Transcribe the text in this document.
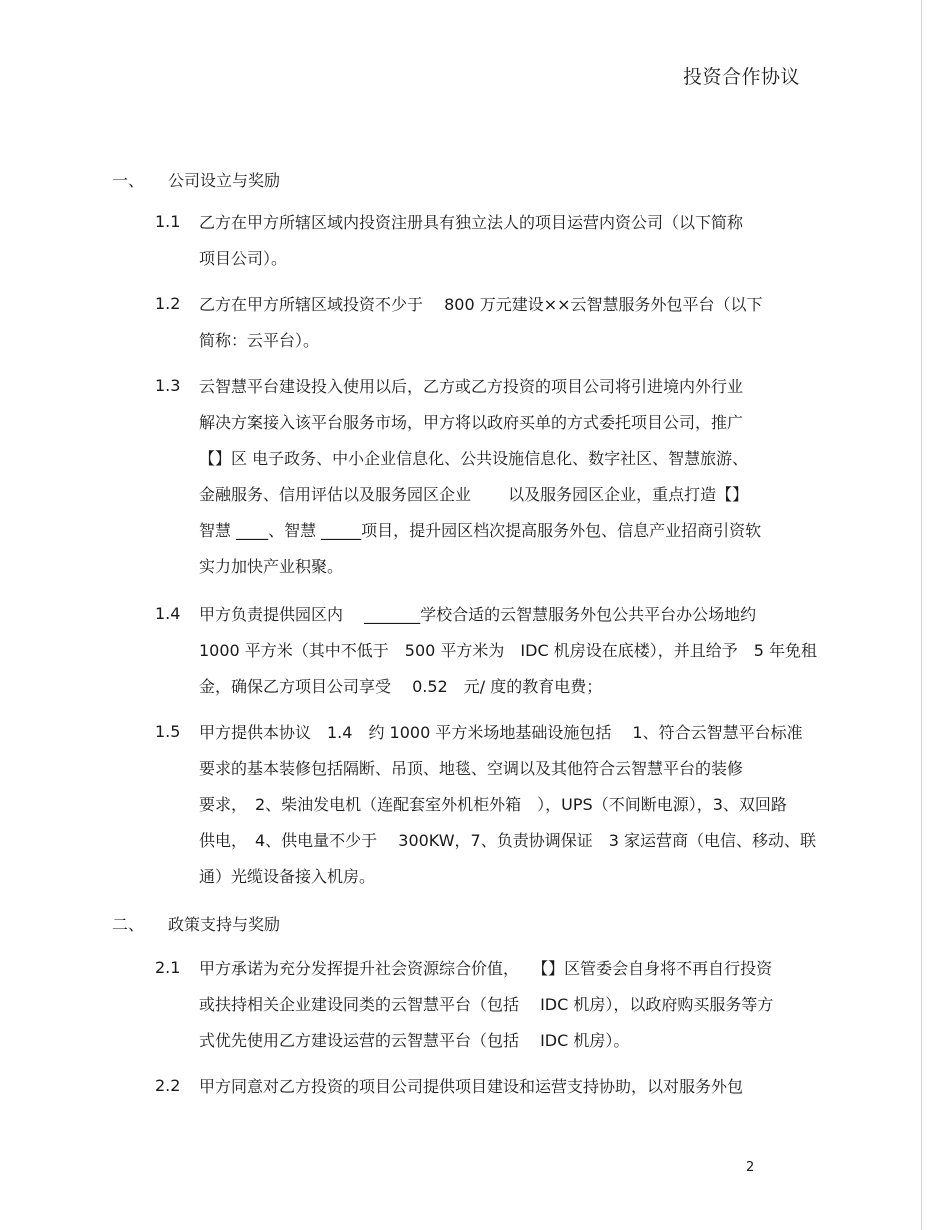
投资合作协议
一、 公司设立与奖励
1.1 乙方在甲方所辖区域内投资注册具有独立法人的项目运营内资公司（以下简称
项目公司）。
1.2 乙方在甲方所辖区域投资不少于　 800 万元建设××云智慧服务外包平台（以下
简称：云平台）。
1.3 云智慧平台建设投入使用以后，乙方或乙方投资的项目公司将引进境内外行业
解决方案接入该平台服务市场，甲方将以政府买单的方式委托项目公司，推广
【】区 电子政务、中小企业信息化、公共设施信息化、数字社区、智慧旅游、
金融服务、信用评估以及服务园区企业　　 以及服务园区企业，重点打造【】
智慧 ____、智慧 _____项目，提升园区档次提高服务外包、信息产业招商引资软
实力加快产业积聚。
1.4 甲方负责提供园区内　 _______学校合适的云智慧服务外包公共平台办公场地约
1000 平方米（其中不低于　500 平方米为　IDC 机房设在底楼），并且给予　5 年免租
金，确保乙方项目公司享受　 0.52　元/ 度的教育电费；
1.5 甲方提供本协议　1.4　约 1000 平方米场地基础设施包括　 1、符合云智慧平台标准
要求的基本装修包括隔断、吊顶、地毯、空调以及其他符合云智慧平台的装修
要求，　2、柴油发电机（连配套室外机柜外箱　），UPS（不间断电源），3、双回路
供电，　4、供电量不少于　 300KW，7、负责协调保证　3 家运营商（电信、移动、联
通）光缆设备接入机房。
二、 政策支持与奖励
2.1 甲方承诺为充分发挥提升社会资源综合价值，　 【】区管委会自身将不再自行投资
或扶持相关企业建设同类的云智慧平台（包括　 IDC 机房），以政府购买服务等方
式优先使用乙方建设运营的云智慧平台（包括　 IDC 机房）。
2.2 甲方同意对乙方投资的项目公司提供项目建设和运营支持协助，以对服务外包
2
